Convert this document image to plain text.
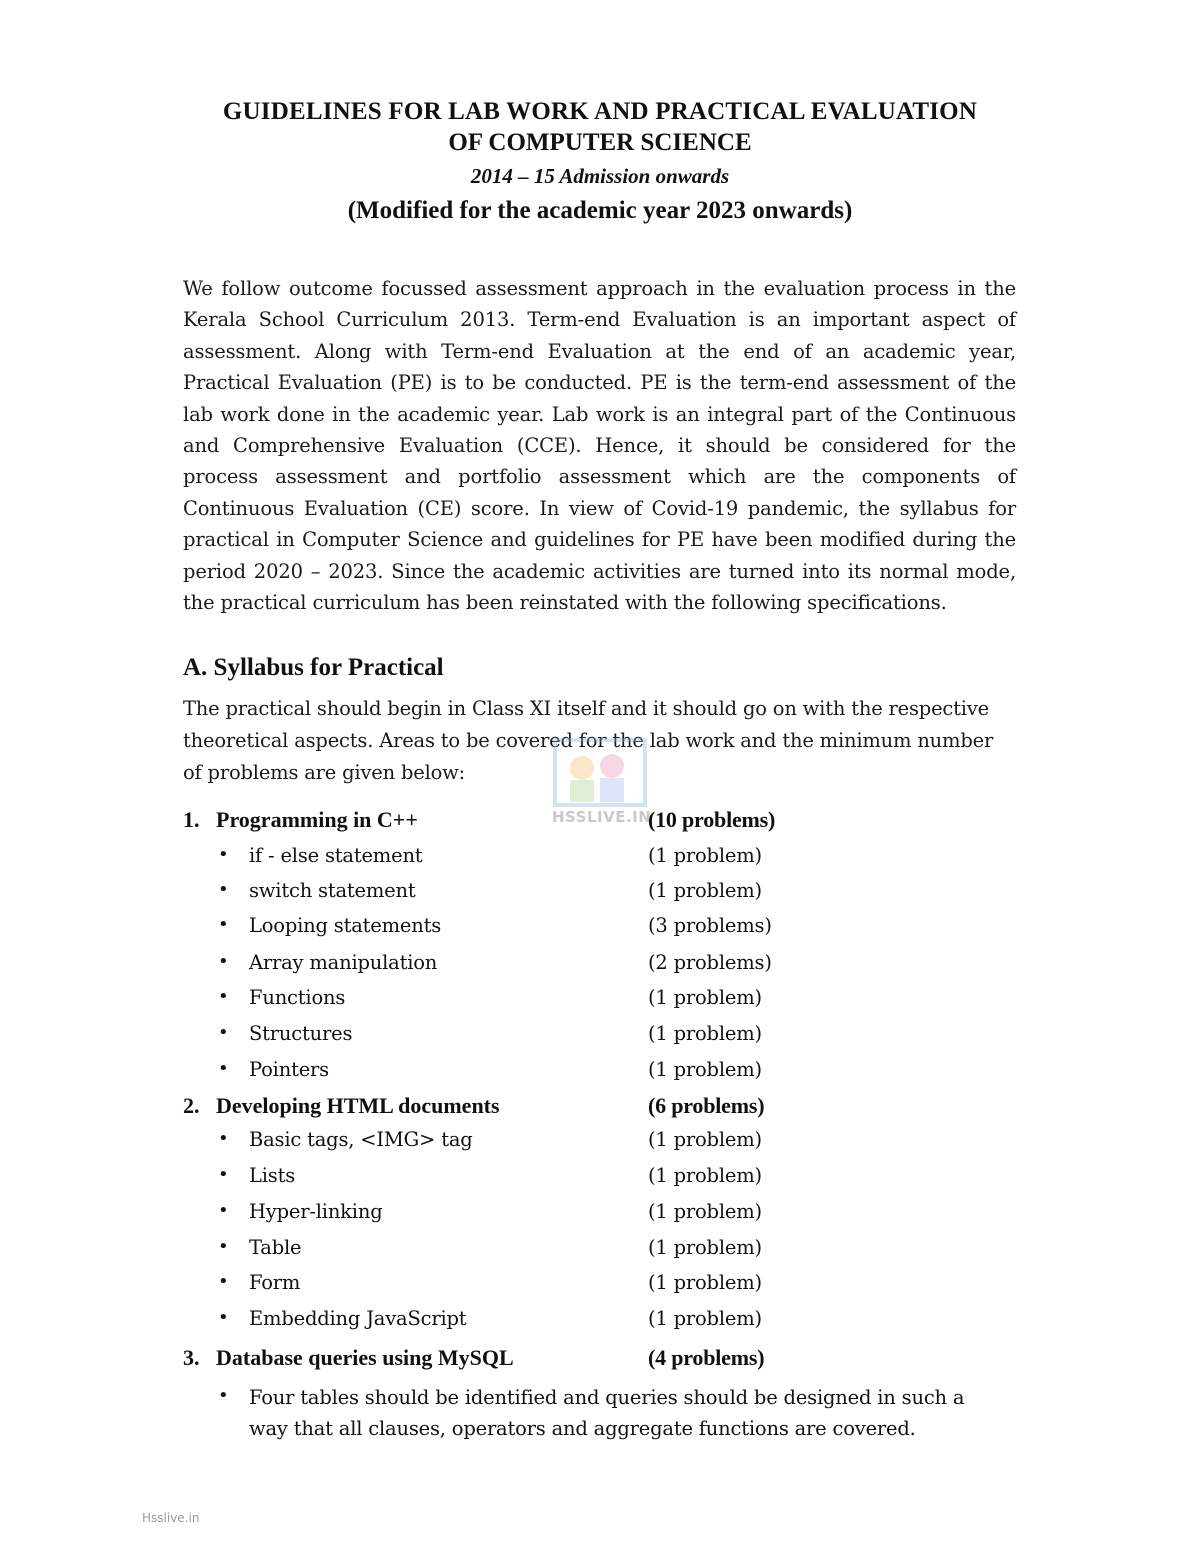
GUIDELINES FOR LAB WORK AND PRACTICAL EVALUATION
OF COMPUTER SCIENCE
2014 – 15 Admission onwards
(Modified for the academic year 2023 onwards)
We follow outcome focussed assessment approach in the evaluation process in the Kerala School Curriculum 2013. Term-end Evaluation is an important aspect of assessment. Along with Term-end Evaluation at the end of an academic year, Practical Evaluation (PE) is to be conducted. PE is the term-end assessment of the lab work done in the academic year. Lab work is an integral part of the Continuous and Comprehensive Evaluation (CCE). Hence, it should be considered for the process assessment and portfolio assessment which are the components of Continuous Evaluation (CE) score. In view of Covid-19 pandemic, the syllabus for practical in Computer Science and guidelines for PE have been modified during the period 2020 – 2023. Since the academic activities are turned into its normal mode, the practical curriculum has been reinstated with the following specifications.
A. Syllabus for Practical
The practical should begin in Class XI itself and it should go on with the respective theoretical aspects. Areas to be covered for the lab work and the minimum number of problems are given below:
HSSLIVE.IN
1. Programming in C++	(10 problems)
• if - else statement	(1 problem)
• switch statement	(1 problem)
• Looping statements	(3 problems)
• Array manipulation	(2 problems)
• Functions	(1 problem)
• Structures	(1 problem)
• Pointers	(1 problem)
2. Developing HTML documents	(6 problems)
• Basic tags, <IMG> tag	(1 problem)
• Lists	(1 problem)
• Hyper-linking	(1 problem)
• Table	(1 problem)
• Form	(1 problem)
• Embedding JavaScript	(1 problem)
3. Database queries using MySQL	(4 problems)
• Four tables should be identified and queries should be designed in such a way that all clauses, operators and aggregate functions are covered.
Hsslive.in
